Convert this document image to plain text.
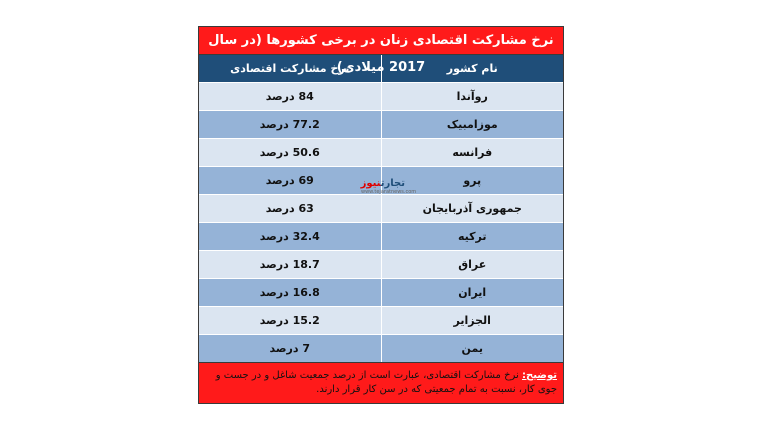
نرخ مشارکت اقتصادی زنان در برخی کشورها (در سال 2017 میلادی)
نرخ مشارکت اقتصادی	نام کشور
84 درصد	روآندا
77.2 درصد	موزامبیک
50.6 درصد	فرانسه
69 درصد	پرو
63 درصد	جمهوری آذربایجان
32.4 درصد	ترکیه
18.7 درصد	عراق
16.8 درصد	ایران
15.2 درصد	الجزایر
7 درصد	یمن
توضیح: نرخ مشارکت اقتصادی، عبارت است از درصد جمعیت شاغل و در جست و جوی کار، نسبت به تمام جمعیتی که در سن کار قرار دارند.
تجارتنیوز
www.tejaratnews.com
